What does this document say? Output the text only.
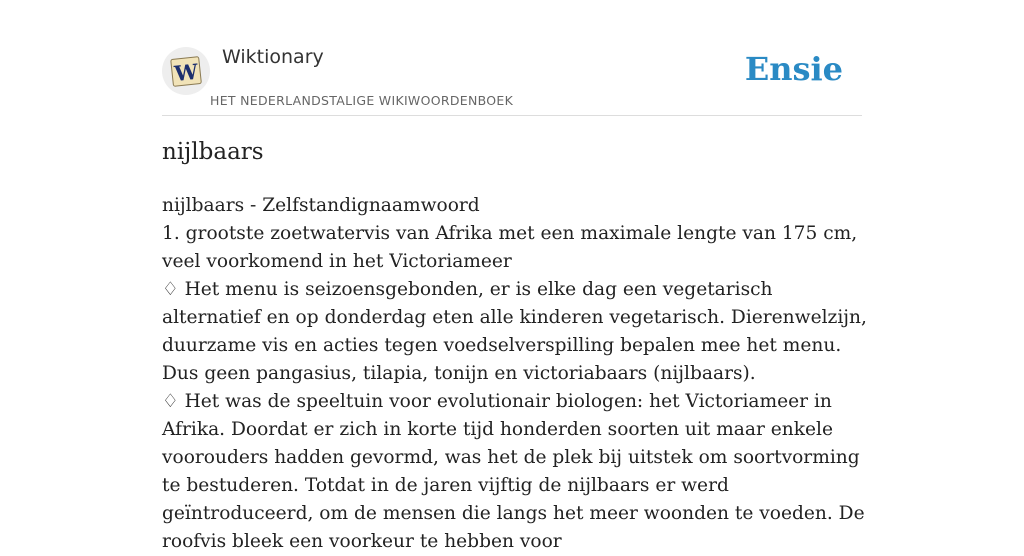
W
Wiktionary
HET NEDERLANDSTALIGE WIKIWOORDENBOEK
Ensie
nijlbaars

nijlbaars - Zelfstandignaamwoord

1. grootste zoetwatervis van Afrika met een maximale lengte van 175 cm, veel voorkomend in het Victoriameer

♢ Het menu is seizoensgebonden, er is elke dag een vegetarisch alternatief en op donderdag eten alle kinderen vegetarisch. Dierenwelzijn, duurzame vis en acties tegen voedselverspilling bepalen mee het menu. Dus geen pangasius, tilapia, tonijn en victoriabaars (nijlbaars).

♢ Het was de speeltuin voor evolutionair biologen: het Victoriameer in Afrika. Doordat er zich in korte tijd honderden soorten uit maar enkele voorouders hadden gevormd, was het de plek bij uitstek om soortvorming te bestuderen. Totdat in de jaren vijftig de nijlbaars er werd geïntroduceerd, om de mensen die langs het meer woonden te voeden. De roofvis bleek een voorkeur te hebben voor
